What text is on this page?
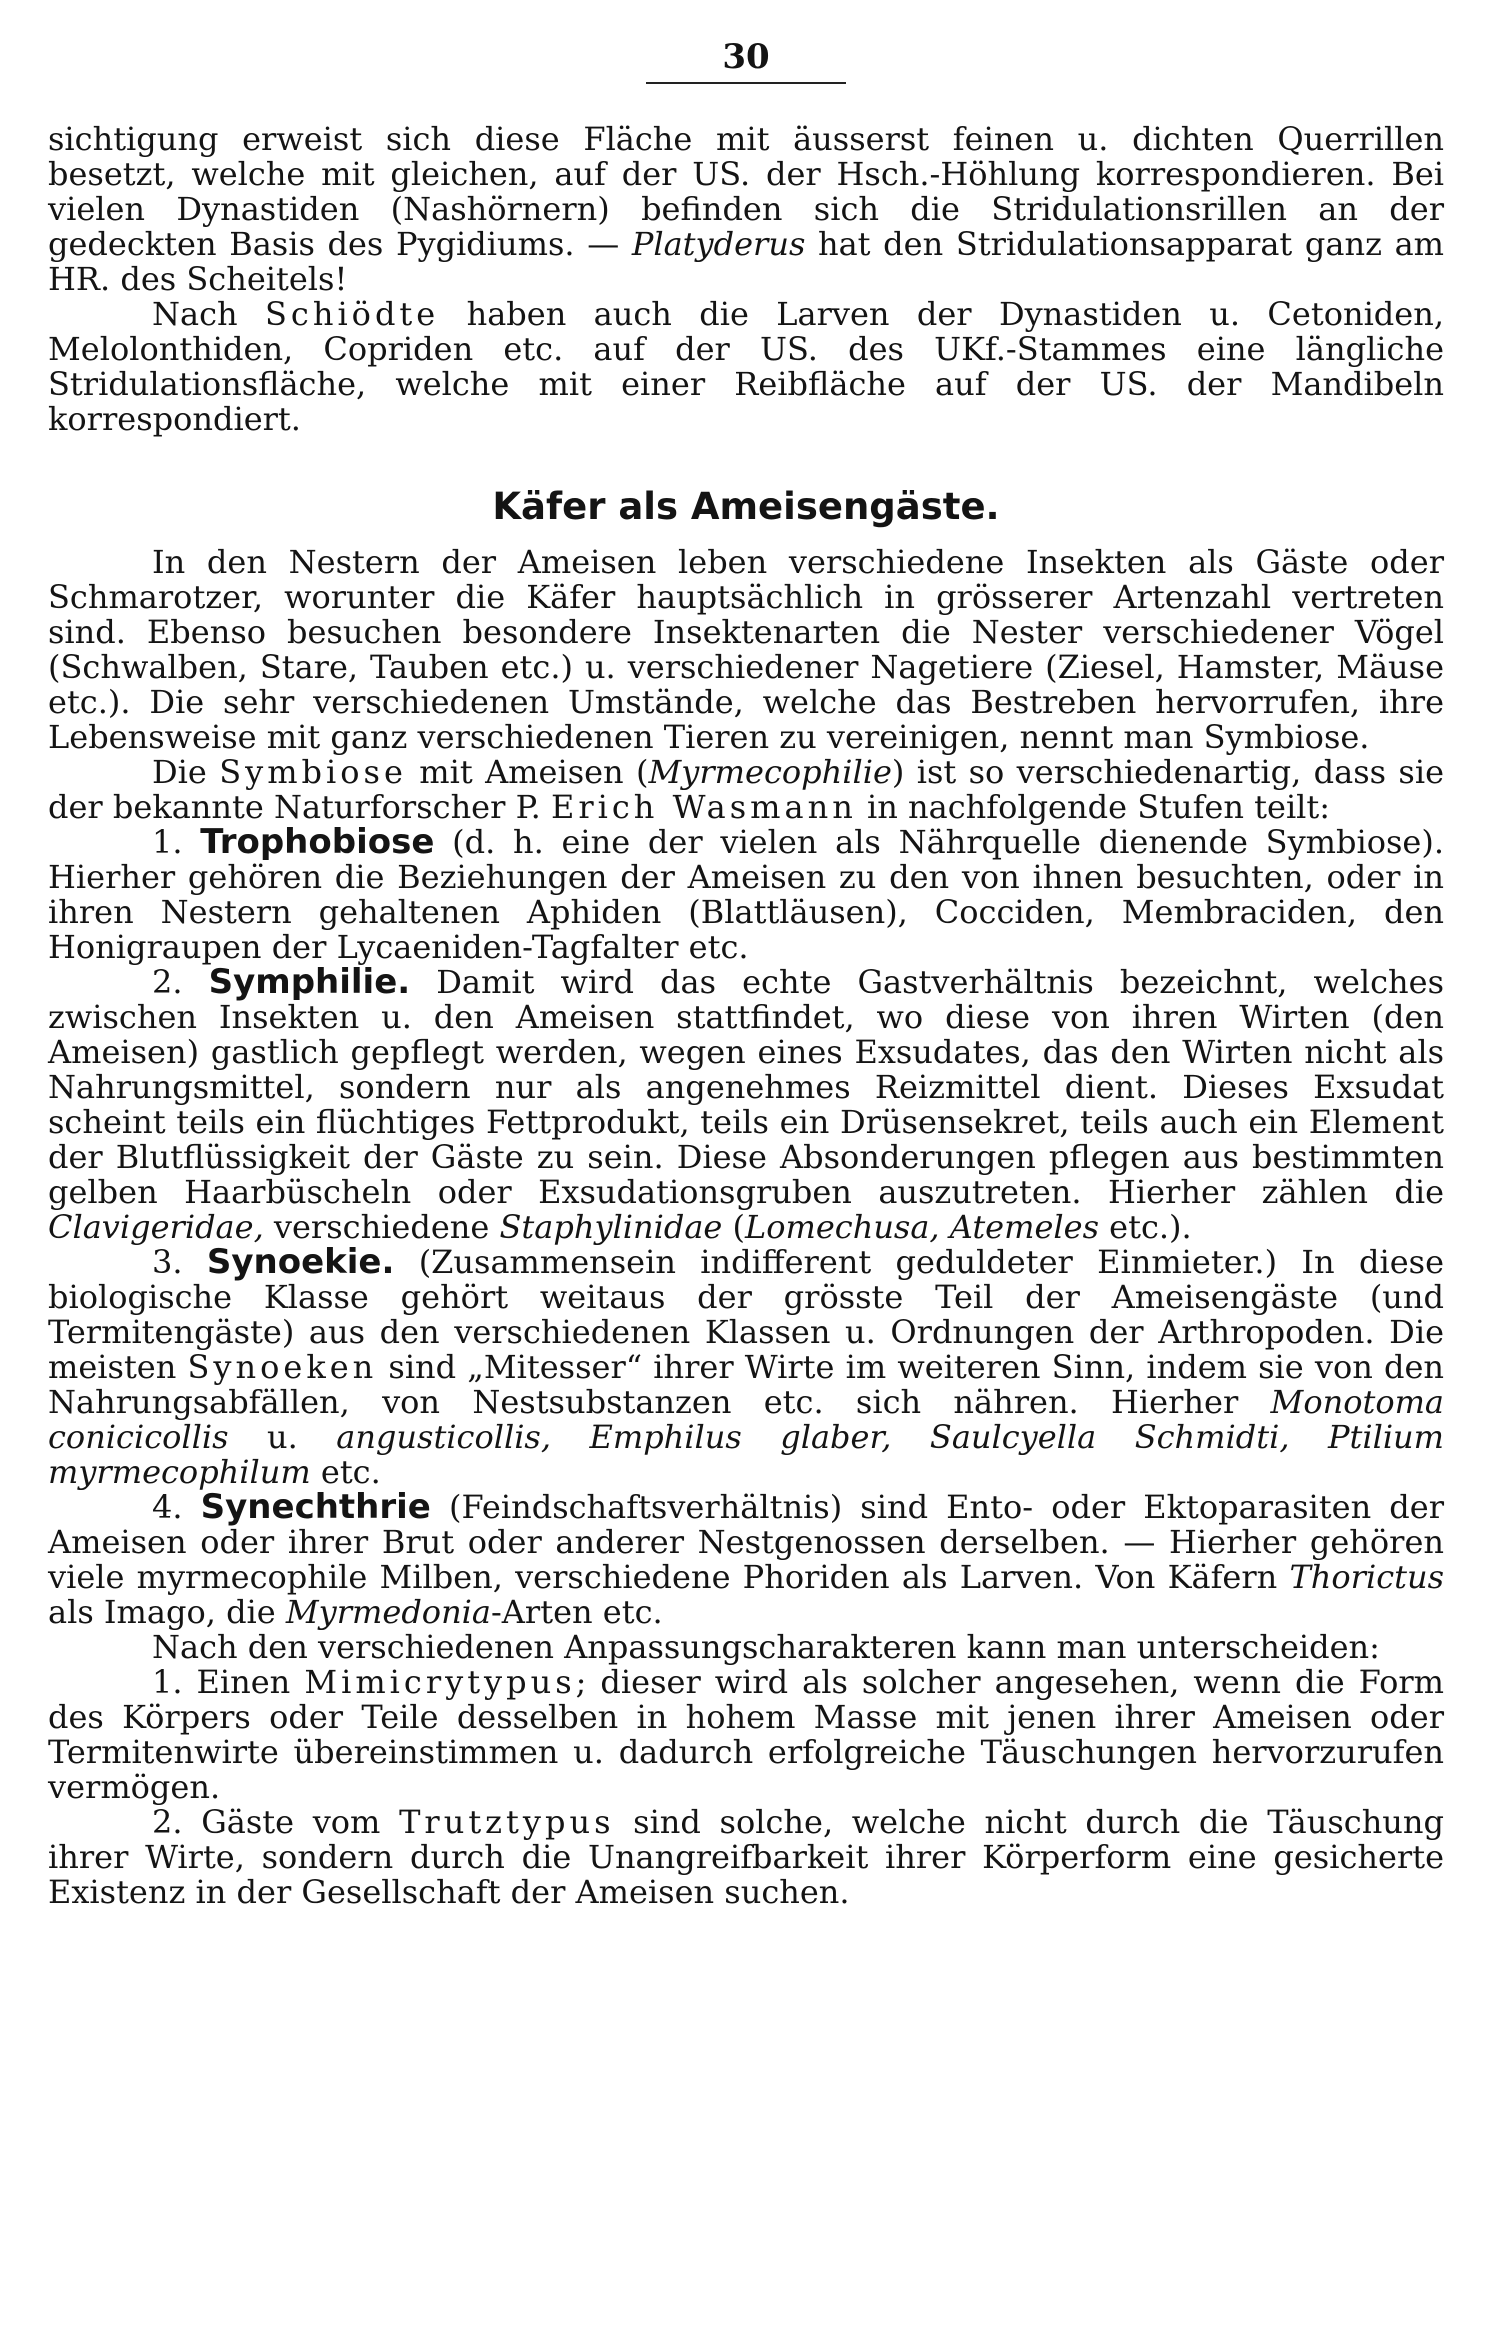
30

sichtigung erweist sich diese Fläche mit äusserst feinen u. dichten Querrillen besetzt, welche mit gleichen, auf der US. der Hsch.-Höhlung korrespondieren. Bei vielen Dynastiden (Nashörnern) befinden sich die Stridulationsrillen an der gedeckten Basis des Pygidiums. — Platyderus hat den Stridulationsapparat ganz am HR. des Scheitels!

Nach Schiödte haben auch die Larven der Dynastiden u. Cetoniden, Melolonthiden, Copriden etc. auf der US. des UKf.-Stammes eine längliche Stridulationsfläche, welche mit einer Reibfläche auf der US. der Mandibeln korrespondiert.

Käfer als Ameisengäste.

In den Nestern der Ameisen leben verschiedene Insekten als Gäste oder Schmarotzer, worunter die Käfer hauptsächlich in grösserer Artenzahl vertreten sind. Ebenso besuchen besondere Insektenarten die Nester verschiedener Vögel (Schwalben, Stare, Tauben etc.) u. verschiedener Nagetiere (Ziesel, Hamster, Mäuse etc.). Die sehr verschiedenen Umstände, welche das Bestreben hervorrufen, ihre Lebensweise mit ganz verschiedenen Tieren zu vereinigen, nennt man Symbiose.

Die Symbiose mit Ameisen (Myrmecophilie) ist so verschiedenartig, dass sie der bekannte Naturforscher P. Erich Wasmann in nachfolgende Stufen teilt:

1. Trophobiose (d. h. eine der vielen als Nährquelle dienende Symbiose). Hierher gehören die Beziehungen der Ameisen zu den von ihnen besuchten, oder in ihren Nestern gehaltenen Aphiden (Blattläusen), Cocciden, Membraciden, den Honigraupen der Lycaeniden-Tagfalter etc.

2. Symphilie. Damit wird das echte Gastverhältnis bezeichnt, welches zwischen Insekten u. den Ameisen stattfindet, wo diese von ihren Wirten (den Ameisen) gastlich gepflegt werden, wegen eines Exsudates, das den Wirten nicht als Nahrungsmittel, sondern nur als angenehmes Reizmittel dient. Dieses Exsudat scheint teils ein flüchtiges Fettprodukt, teils ein Drüsensekret, teils auch ein Element der Blutflüssigkeit der Gäste zu sein. Diese Absonderungen pflegen aus bestimmten gelben Haarbüscheln oder Exsudationsgruben auszutreten. Hierher zählen die Clavigeridae, verschiedene Staphylinidae (Lomechusa, Atemeles etc.).

3. Synoekie. (Zusammensein indifferent geduldeter Einmieter.) In diese biologische Klasse gehört weitaus der grösste Teil der Ameisengäste (und Termitengäste) aus den verschiedenen Klassen u. Ordnungen der Arthropoden. Die meisten Synoeken sind „Mitesser“ ihrer Wirte im weiteren Sinn, indem sie von den Nahrungsabfällen, von Nestsubstanzen etc. sich nähren. Hierher Monotoma conicicollis u. angusticollis, Emphilus glaber, Saulcyella Schmidti, Ptilium myrmecophilum etc.

4. Synechthrie (Feindschaftsverhältnis) sind Ento- oder Ektoparasiten der Ameisen oder ihrer Brut oder anderer Nestgenossen derselben. — Hierher gehören viele myrmecophile Milben, verschiedene Phoriden als Larven. Von Käfern Thorictus als Imago, die Myrmedonia-Arten etc.

Nach den verschiedenen Anpassungscharakteren kann man unterscheiden:

1. Einen Mimicrytypus; dieser wird als solcher angesehen, wenn die Form des Körpers oder Teile desselben in hohem Masse mit jenen ihrer Ameisen oder Termitenwirte übereinstimmen u. dadurch erfolgreiche Täuschungen hervorzurufen vermögen.

2. Gäste vom Trutztypus sind solche, welche nicht durch die Täuschung ihrer Wirte, sondern durch die Unangreifbarkeit ihrer Körperform eine gesicherte Existenz in der Gesellschaft der Ameisen suchen.
